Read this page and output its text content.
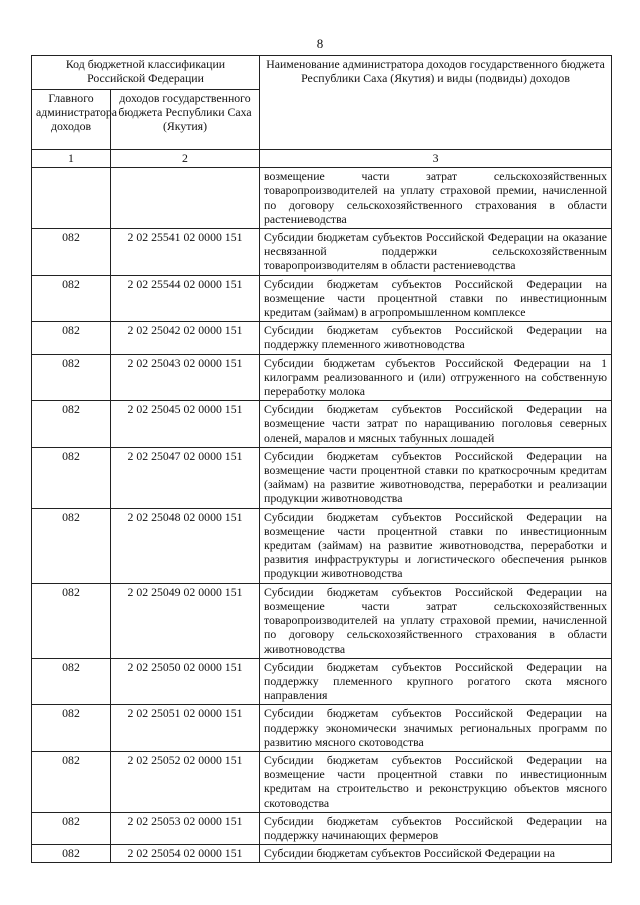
8
Код бюджетной классификации Российской Федерации		Наименование администратора доходов государственного бюджета Республики Саха (Якутия) и виды (подвиды) доходов
Главного администратора доходов	доходов государственного бюджета Республики Саха (Якутия)	
1	2	3
		возмещение части затрат сельскохозяйственных товаропроизводителей на уплату страховой премии, начисленной по договору сельскохозяйственного страхования в области растениеводства
082	2 02 25541 02 0000 151	Субсидии бюджетам субъектов Российской Федерации на оказание несвязанной поддержки сельскохозяйственным товаропроизводителям в области растениеводства
082	2 02 25544 02 0000 151	Субсидии бюджетам субъектов Российской Федерации на возмещение части процентной ставки по инвестиционным кредитам (займам) в агропромышленном комплексе
082	2 02 25042 02 0000 151	Субсидии бюджетам субъектов Российской Федерации на поддержку племенного животноводства
082	2 02 25043 02 0000 151	Субсидии бюджетам субъектов Российской Федерации на 1 килограмм реализованного и (или) отгруженного на собственную переработку молока
082	2 02 25045 02 0000 151	Субсидии бюджетам субъектов Российской Федерации на возмещение части затрат по наращиванию поголовья северных оленей, маралов и мясных табунных лошадей
082	2 02 25047 02 0000 151	Субсидии бюджетам субъектов Российской Федерации на возмещение части процентной ставки по краткосрочным кредитам (займам) на развитие животноводства, переработки и реализации продукции животноводства
082	2 02 25048 02 0000 151	Субсидии бюджетам субъектов Российской Федерации на возмещение части процентной ставки по инвестиционным кредитам (займам) на развитие животноводства, переработки и развития инфраструктуры и логистического обеспечения рынков продукции животноводства
082	2 02 25049 02 0000 151	Субсидии бюджетам субъектов Российской Федерации на возмещение части затрат сельскохозяйственных товаропроизводителей на уплату страховой премии, начисленной по договору сельскохозяйственного страхования в области животноводства
082	2 02 25050 02 0000 151	Субсидии бюджетам субъектов Российской Федерации на поддержку племенного крупного рогатого скота мясного направления
082	2 02 25051 02 0000 151	Субсидии бюджетам субъектов Российской Федерации на поддержку экономически значимых региональных программ по развитию мясного скотоводства
082	2 02 25052 02 0000 151	Субсидии бюджетам субъектов Российской Федерации на возмещение части процентной ставки по инвестиционным кредитам на строительство и реконструкцию объектов мясного скотоводства
082	2 02 25053 02 0000 151	Субсидии бюджетам субъектов Российской Федерации на поддержку начинающих фермеров
082	2 02 25054 02 0000 151	Субсидии бюджетам субъектов Российской Федерации на
